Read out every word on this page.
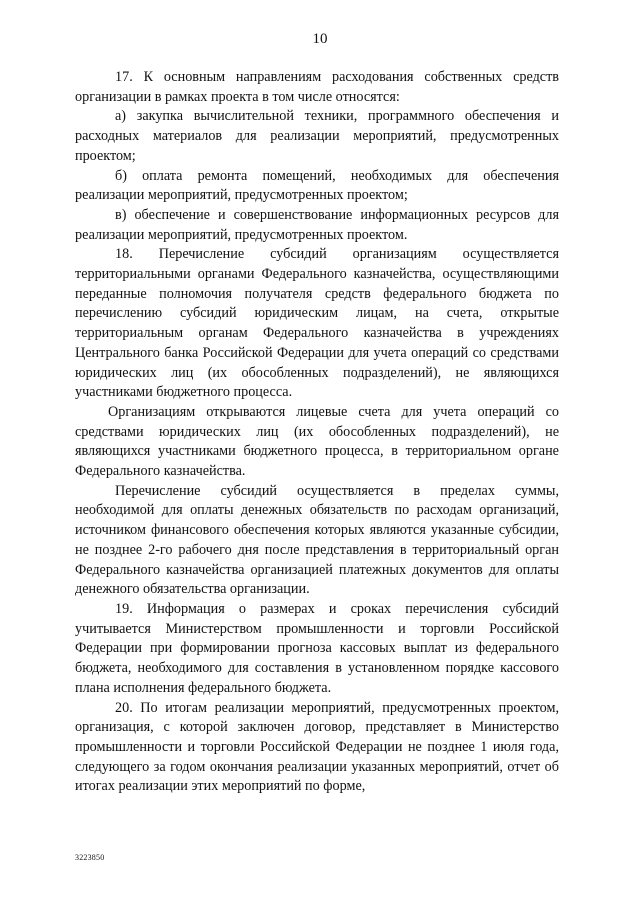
10

17. К основным направлениям расходования собственных средств организации в рамках проекта в том числе относятся:

а) закупка вычислительной техники, программного обеспечения и расходных материалов для реализации мероприятий, предусмотренных проектом;

б) оплата ремонта помещений, необходимых для обеспечения реализации мероприятий, предусмотренных проектом;

в) обеспечение и совершенствование информационных ресурсов для реализации мероприятий, предусмотренных проектом.

18. Перечисление субсидий организациям осуществляется территориальными органами Федерального казначейства, осуществляющими переданные полномочия получателя средств федерального бюджета по перечислению субсидий юридическим лицам, на счета, открытые территориальным органам Федерального казначейства в учреждениях Центрального банка Российской Федерации для учета операций со средствами юридических лиц (их обособленных подразделений), не являющихся участниками бюджетного процесса.

Организациям открываются лицевые счета для учета операций со средствами юридических лиц (их обособленных подразделений), не являющихся участниками бюджетного процесса, в территориальном органе Федерального казначейства.

Перечисление субсидий осуществляется в пределах суммы, необходимой для оплаты денежных обязательств по расходам организаций, источником финансового обеспечения которых являются указанные субсидии, не позднее 2-го рабочего дня после представления в территориальный орган Федерального казначейства организацией платежных документов для оплаты денежного обязательства организации.

19. Информация о размерах и сроках перечисления субсидий учитывается Министерством промышленности и торговли Российской Федерации при формировании прогноза кассовых выплат из федерального бюджета, необходимого для составления в установленном порядке кассового плана исполнения федерального бюджета.

20. По итогам реализации мероприятий, предусмотренных проектом, организация, с которой заключен договор, представляет в Министерство промышленности и торговли Российской Федерации не позднее 1 июля года, следующего за годом окончания реализации указанных мероприятий, отчет об итогах реализации этих мероприятий по форме,

3223850
